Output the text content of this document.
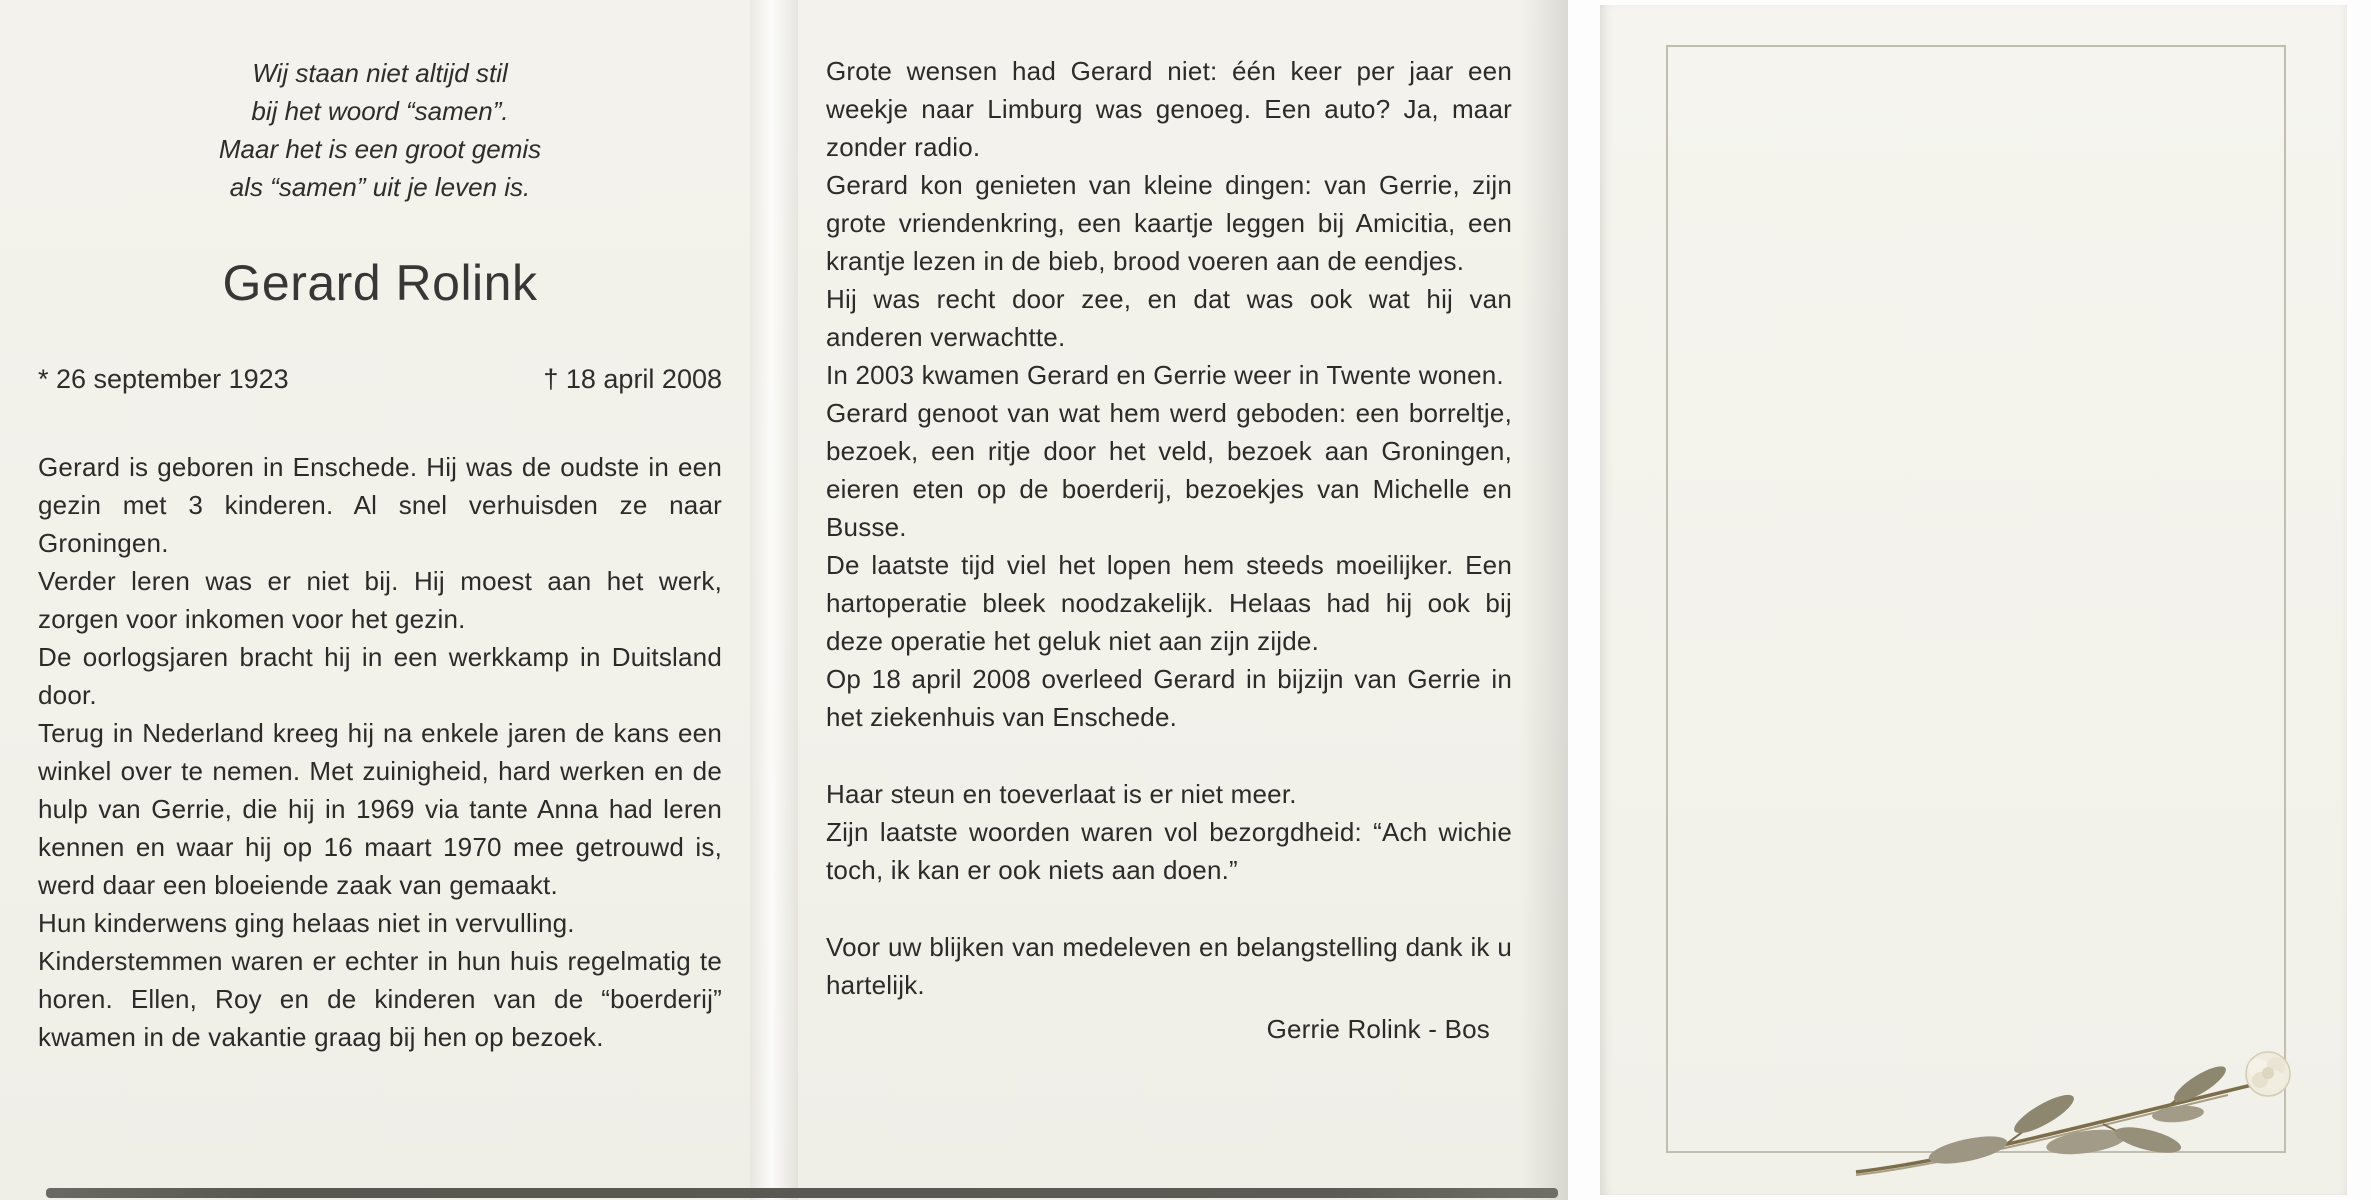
Wij staan niet altijd stil
bij het woord “samen”.
Maar het is een groot gemis
als “samen” uit je leven is.
Gerard Rolink
* 26 september 1923	† 18 april 2008

Gerard is geboren in Enschede. Hij was de oudste in een gezin met 3 kinderen. Al snel verhuisden ze naar Groningen.

Verder leren was er niet bij. Hij moest aan het werk, zorgen voor inkomen voor het gezin.

De oorlogsjaren bracht hij in een werkkamp in Duitsland door.

Terug in Nederland kreeg hij na enkele jaren de kans een winkel over te nemen. Met zuinigheid, hard werken en de hulp van Gerrie, die hij in 1969 via tante Anna had leren kennen en waar hij op 16 maart 1970 mee getrouwd is, werd daar een bloeiende zaak van gemaakt.

Hun kinderwens ging helaas niet in vervulling.

Kinderstemmen waren er echter in hun huis regelmatig te horen. Ellen, Roy en de kinderen van de “boerderij” kwamen in de vakantie graag bij hen op bezoek.

Grote wensen had Gerard niet: één keer per jaar een weekje naar Limburg was genoeg. Een auto? Ja, maar zonder radio.

Gerard kon genieten van kleine dingen: van Gerrie, zijn grote vriendenkring, een kaartje leggen bij Amicitia, een krantje lezen in de bieb, brood voeren aan de eendjes.

Hij was recht door zee, en dat was ook wat hij van anderen verwachtte.

In 2003 kwamen Gerard en Gerrie weer in Twente wonen.

Gerard genoot van wat hem werd geboden: een borreltje, bezoek, een ritje door het veld, bezoek aan Groningen, eieren eten op de boerderij, bezoekjes van Michelle en Busse.

De laatste tijd viel het lopen hem steeds moeilijker. Een hartoperatie bleek noodzakelijk. Helaas had hij ook bij deze operatie het geluk niet aan zijn zijde.

Op 18 april 2008 overleed Gerard in bijzijn van Gerrie in het ziekenhuis van Enschede.

Haar steun en toeverlaat is er niet meer.

Zijn laatste woorden waren vol bezorgdheid: “Ach wichie toch, ik kan er ook niets aan doen.”

Voor uw blijken van medeleven en belangstelling dank ik u hartelijk.

Gerrie Rolink - Bos
